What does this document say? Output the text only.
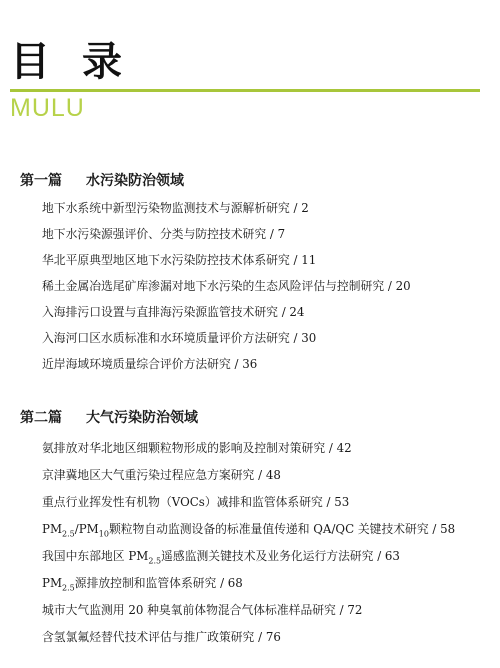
目录
MULU
第一篇 水污染防治领域
地下水系统中新型污染物监测技术与源解析研究 / 2
地下水污染源强评价、分类与防控技术研究 / 7
华北平原典型地区地下水污染防控技术体系研究 / 11
稀土金属冶选尾矿库渗漏对地下水污染的生态风险评估与控制研究 / 20
入海排污口设置与直排海污染源监管技术研究 / 24
入海河口区水质标准和水环境质量评价方法研究 / 30
近岸海域环境质量综合评价方法研究 / 36
第二篇 大气污染防治领域
氨排放对华北地区细颗粒物形成的影响及控制对策研究 / 42
京津冀地区大气重污染过程应急方案研究 / 48
重点行业挥发性有机物（VOCs）减排和监管体系研究 / 53
$PM_{2.5}/PM_{10}$颗粒物自动监测设备的标准量值传递和 QA/QC 关键技术研究 / 58
我国中东部地区 $PM_{2.5}$遥感监测关键技术及业务化运行方法研究 / 63
$PM_{2.5}$源排放控制和监管体系研究 / 68
城市大气监测用 20 种臭氧前体物混合气体标准样品研究 / 72
含氢氯氟烃替代技术评估与推广政策研究 / 76
